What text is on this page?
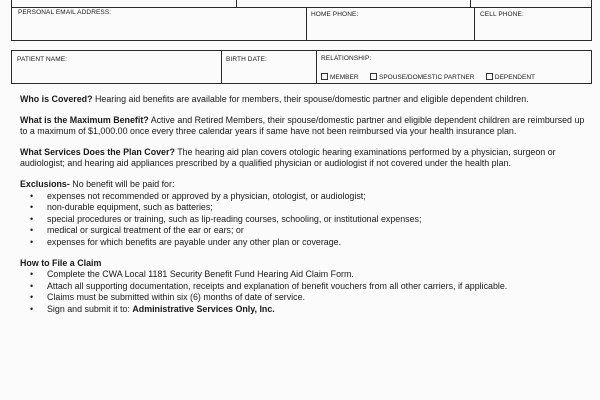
PERSONAL EMAIL ADDRESS:	HOME PHONE:	CELL PHONE:
PATIENT NAME:	BIRTH DATE:	RELATIONSHIP:
MEMBER	SPOUSE/DOMESTIC PARTNER	DEPENDENT

Who is Covered? Hearing aid benefits are available for members, their spouse/domestic partner and eligible dependent children.

What is the Maximum Benefit? Active and Retired Members, their spouse/domestic partner and eligible dependent children are reimbursed up to a maximum of $1,000.00 once every three calendar years if same have not been reimbursed via your health insurance plan.

What Services Does the Plan Cover? The hearing aid plan covers otologic hearing examinations performed by a physician, surgeon or audiologist; and hearing aid appliances prescribed by a qualified physician or audiologist if not covered under the health plan.

Exclusions- No benefit will be paid for:
• expenses not recommended or approved by a physician, otologist, or audiologist;
• non-durable equipment, such as batteries;
• special procedures or training, such as lip-reading courses, schooling, or institutional expenses;
• medical or surgical treatment of the ear or ears; or
• expenses for which benefits are payable under any other plan or coverage.
How to File a Claim
• Complete the CWA Local 1181 Security Benefit Fund Hearing Aid Claim Form.
• Attach all supporting documentation, receipts and explanation of benefit vouchers from all other carriers, if applicable.
• Claims must be submitted within six (6) months of date of service.
• Sign and submit it to: Administrative Services Only, Inc.
